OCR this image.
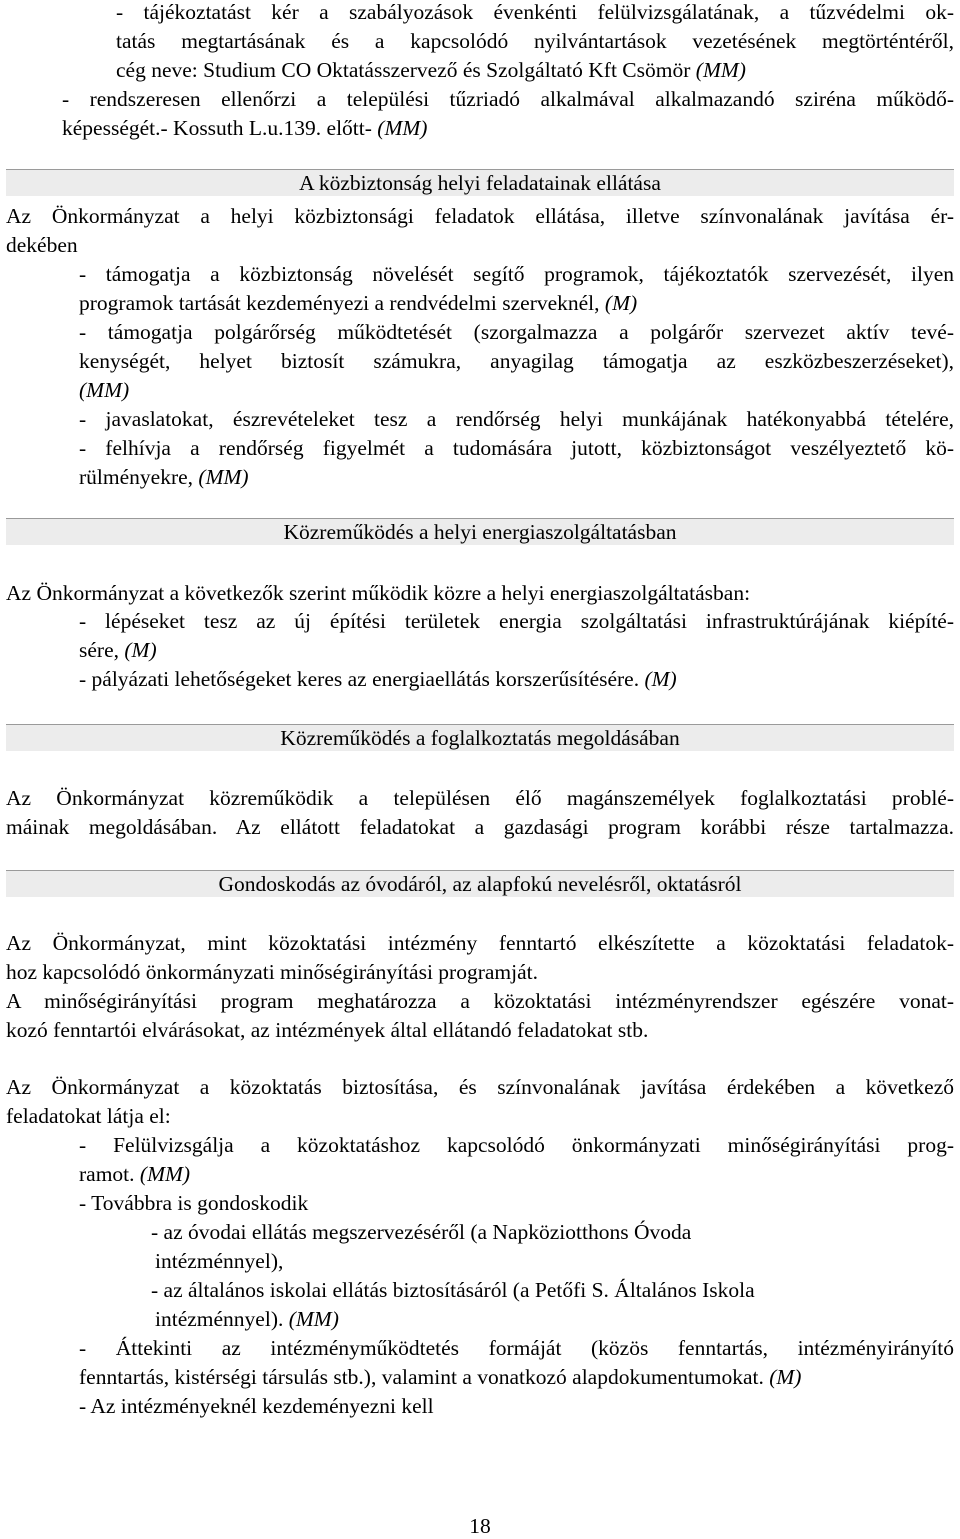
- tájékoztatást kér a szabályozások évenkénti felülvizsgálatának, a tűzvédelmi ok-
tatás megtartásának és a kapcsolódó nyilvántartások vezetésének megtörténtéről,
cég neve: Studium CO Oktatásszervező és Szolgáltató Kft Csömör (MM)
- rendszeresen ellenőrzi a települési tűzriadó alkalmával alkalmazandó sziréna működő-
képességét.- Kossuth L.u.139. előtt- (MM)
A közbiztonság helyi feladatainak ellátása
Az Önkormányzat a helyi közbiztonsági feladatok ellátása, illetve színvonalának javítása ér-
dekében
- támogatja a közbiztonság növelését segítő programok, tájékoztatók szervezését, ilyen
programok tartását kezdeményezi a rendvédelmi szerveknél, (M)
- támogatja polgárőrség működtetését (szorgalmazza a polgárőr szervezet aktív tevé-
kenységét, helyet biztosít számukra, anyagilag támogatja az eszközbeszerzéseket),
(MM)
- javaslatokat, észrevételeket tesz a rendőrség helyi munkájának hatékonyabbá tételére,
- felhívja a rendőrség figyelmét a tudomására jutott, közbiztonságot veszélyeztető kö-
rülményekre, (MM)
Közreműködés a helyi energiaszolgáltatásban
Az Önkormányzat a következők szerint működik közre a helyi energiaszolgáltatásban:
- lépéseket tesz az új építési területek energia szolgáltatási infrastruktúrájának kiépíté-
sére, (M)
- pályázati lehetőségeket keres az energiaellátás korszerűsítésére. (M)
Közreműködés a foglalkoztatás megoldásában
Az Önkormányzat közreműködik a településen élő magánszemélyek foglalkoztatási problé-
máinak megoldásában. Az ellátott feladatokat a gazdasági program korábbi része tartalmazza.
Gondoskodás az óvodáról, az alapfokú nevelésről, oktatásról
Az Önkormányzat, mint közoktatási intézmény fenntartó elkészítette a közoktatási feladatok-
hoz kapcsolódó önkormányzati minőségirányítási programját.
A minőségirányítási program meghatározza a közoktatási intézményrendszer egészére vonat-
kozó fenntartói elvárásokat, az intézmények által ellátandó feladatokat stb.
Az Önkormányzat a közoktatás biztosítása, és színvonalának javítása érdekében a következő
feladatokat látja el:
- Felülvizsgálja a közoktatáshoz kapcsolódó önkormányzati minőségirányítási prog-
ramot. (MM)
- Továbbra is gondoskodik
- az óvodai ellátás megszervezéséről (a Napköziotthons Óvoda
intézménnyel),
- az általános iskolai ellátás biztosításáról (a Petőfi S. Általános Iskola
intézménnyel). (MM)
- Áttekinti az intézményműködtetés formáját (közös fenntartás, intézményirányító
fenntartás, kistérségi társulás stb.), valamint a vonatkozó alapdokumentumokat. (M)
- Az intézményeknél kezdeményezni kell
18
